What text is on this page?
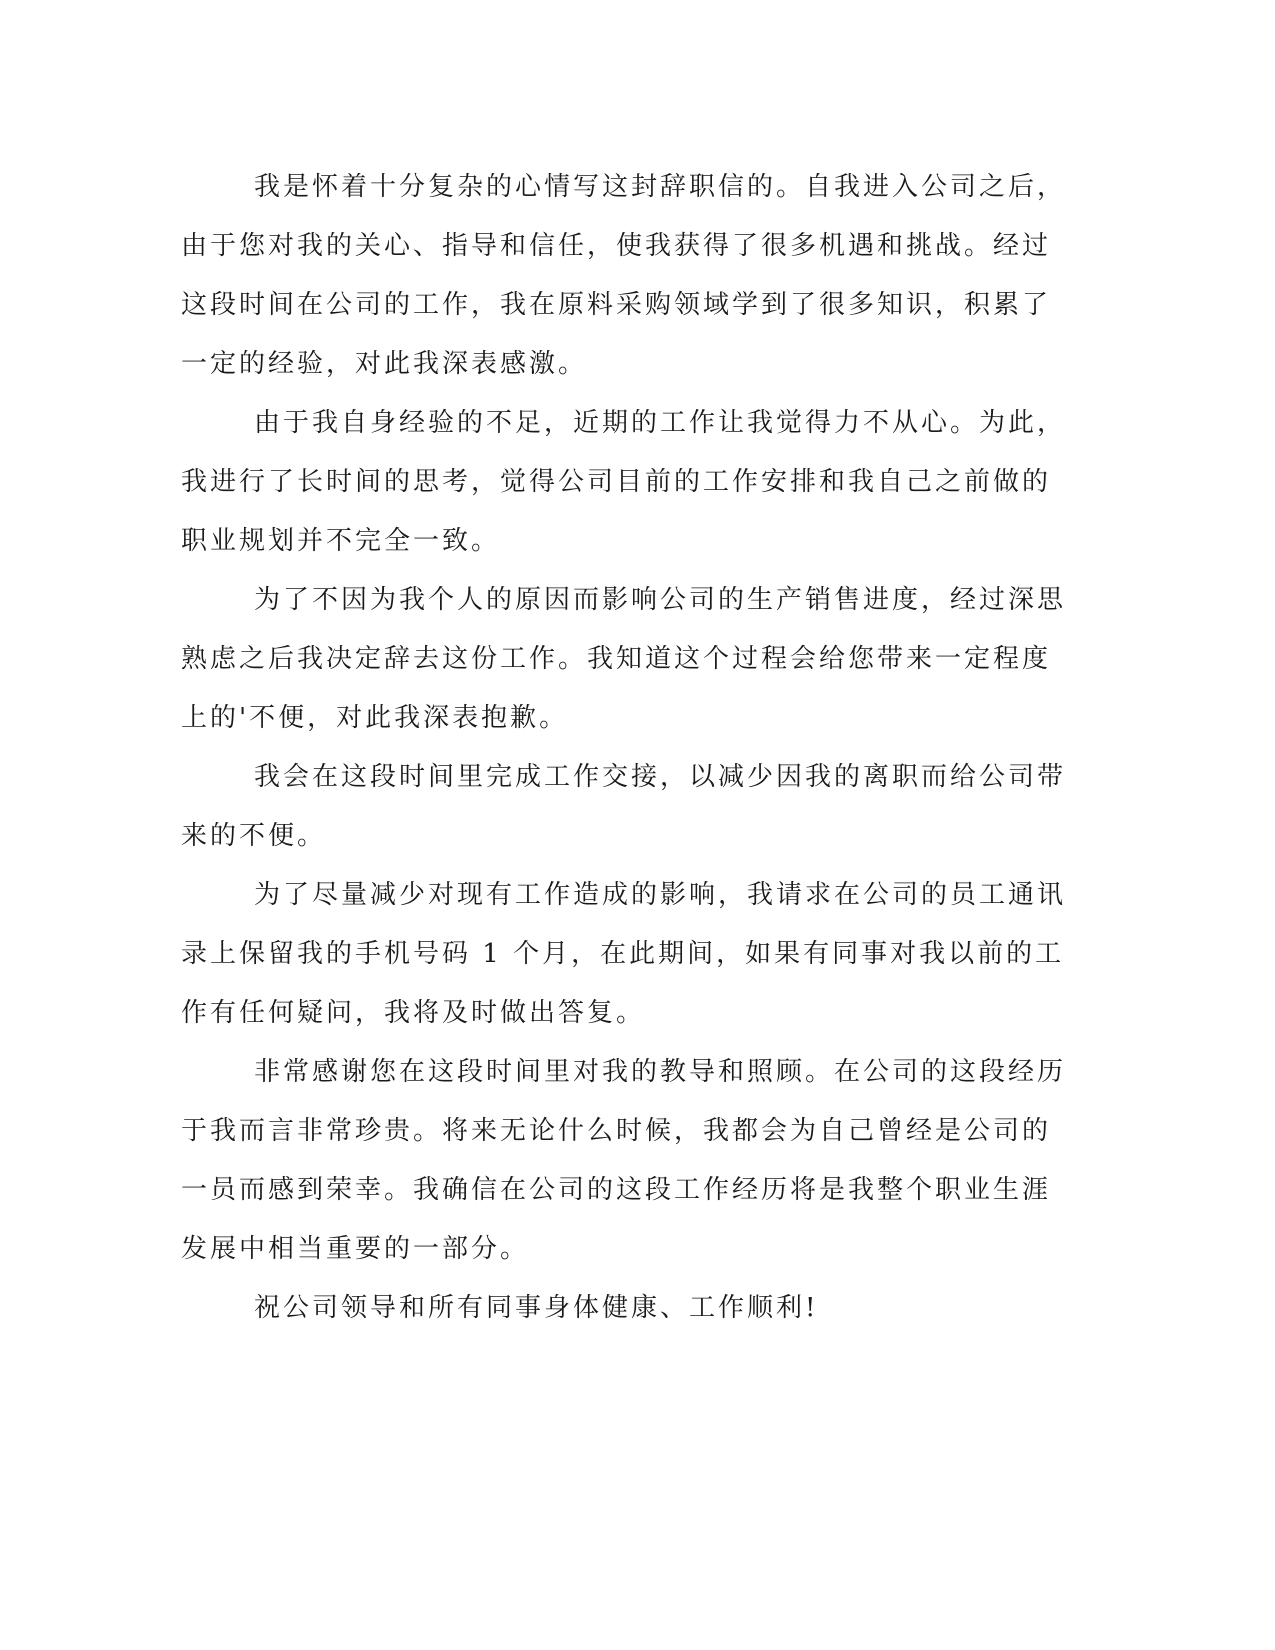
我是怀着十分复杂的心情写这封辞职信的。自我进入公司之后，
由于您对我的关心、指导和信任，使我获得了很多机遇和挑战。经过
这段时间在公司的工作，我在原料采购领域学到了很多知识，积累了
一定的经验，对此我深表感激。

由于我自身经验的不足，近期的工作让我觉得力不从心。为此，
我进行了长时间的思考，觉得公司目前的工作安排和我自己之前做的
职业规划并不完全一致。

为了不因为我个人的原因而影响公司的生产销售进度，经过深思
熟虑之后我决定辞去这份工作。我知道这个过程会给您带来一定程度
上的'不便，对此我深表抱歉。

我会在这段时间里完成工作交接，以减少因我的离职而给公司带
来的不便。

为了尽量减少对现有工作造成的影响，我请求在公司的员工通讯
录上保留我的手机号码 1 个月，在此期间，如果有同事对我以前的工
作有任何疑问，我将及时做出答复。

非常感谢您在这段时间里对我的教导和照顾。在公司的这段经历
于我而言非常珍贵。将来无论什么时候，我都会为自己曾经是公司的
一员而感到荣幸。我确信在公司的这段工作经历将是我整个职业生涯
发展中相当重要的一部分。

祝公司领导和所有同事身体健康、工作顺利!
